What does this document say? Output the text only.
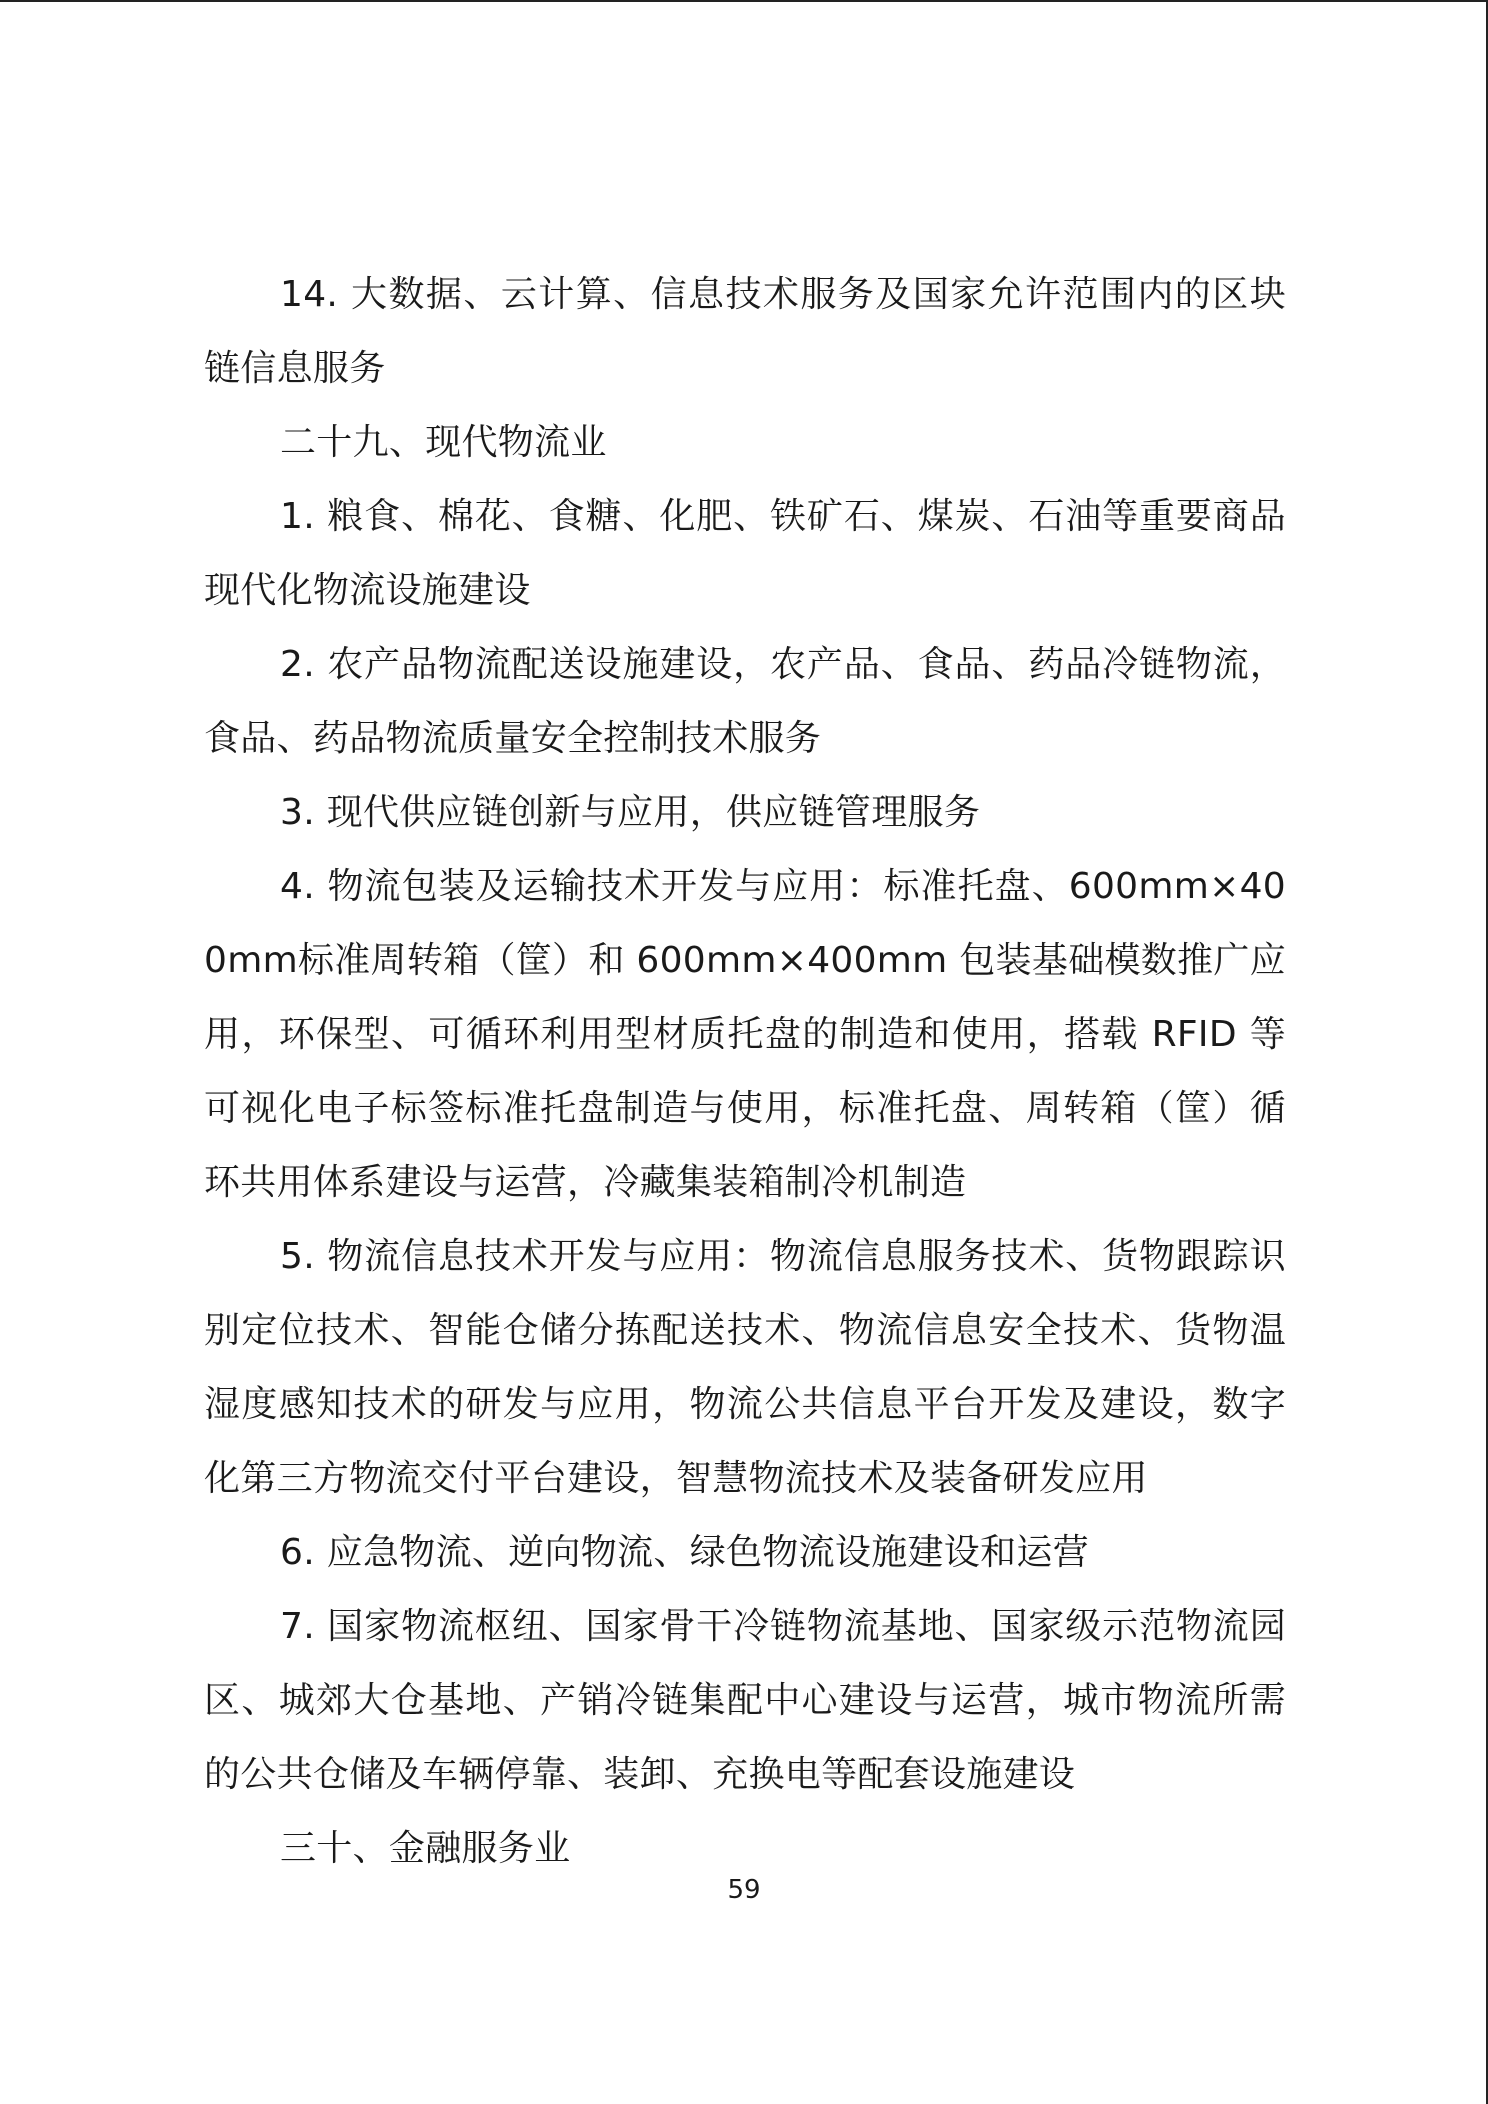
14. 大数据、云计算、信息技术服务及国家允许范围内的区块链信息服务

二十九、现代物流业

1. 粮食、棉花、食糖、化肥、铁矿石、煤炭、石油等重要商品现代化物流设施建设

2. 农产品物流配送设施建设，农产品、食品、药品冷链物流，食品、药品物流质量安全控制技术服务

3. 现代供应链创新与应用，供应链管理服务

4. 物流包装及运输技术开发与应用：标准托盘、600mm×400mm标准周转箱（筐）和 600mm×400mm 包装基础模数推广应用，环保型、可循环利用型材质托盘的制造和使用，搭载 RFID 等可视化电子标签标准托盘制造与使用，标准托盘、周转箱（筐）循环共用体系建设与运营，冷藏集装箱制冷机制造

5. 物流信息技术开发与应用：物流信息服务技术、货物跟踪识别定位技术、智能仓储分拣配送技术、物流信息安全技术、货物温湿度感知技术的研发与应用，物流公共信息平台开发及建设，数字化第三方物流交付平台建设，智慧物流技术及装备研发应用

6. 应急物流、逆向物流、绿色物流设施建设和运营

7. 国家物流枢纽、国家骨干冷链物流基地、国家级示范物流园区、城郊大仓基地、产销冷链集配中心建设与运营，城市物流所需的公共仓储及车辆停靠、装卸、充换电等配套设施建设

三十、金融服务业

59
